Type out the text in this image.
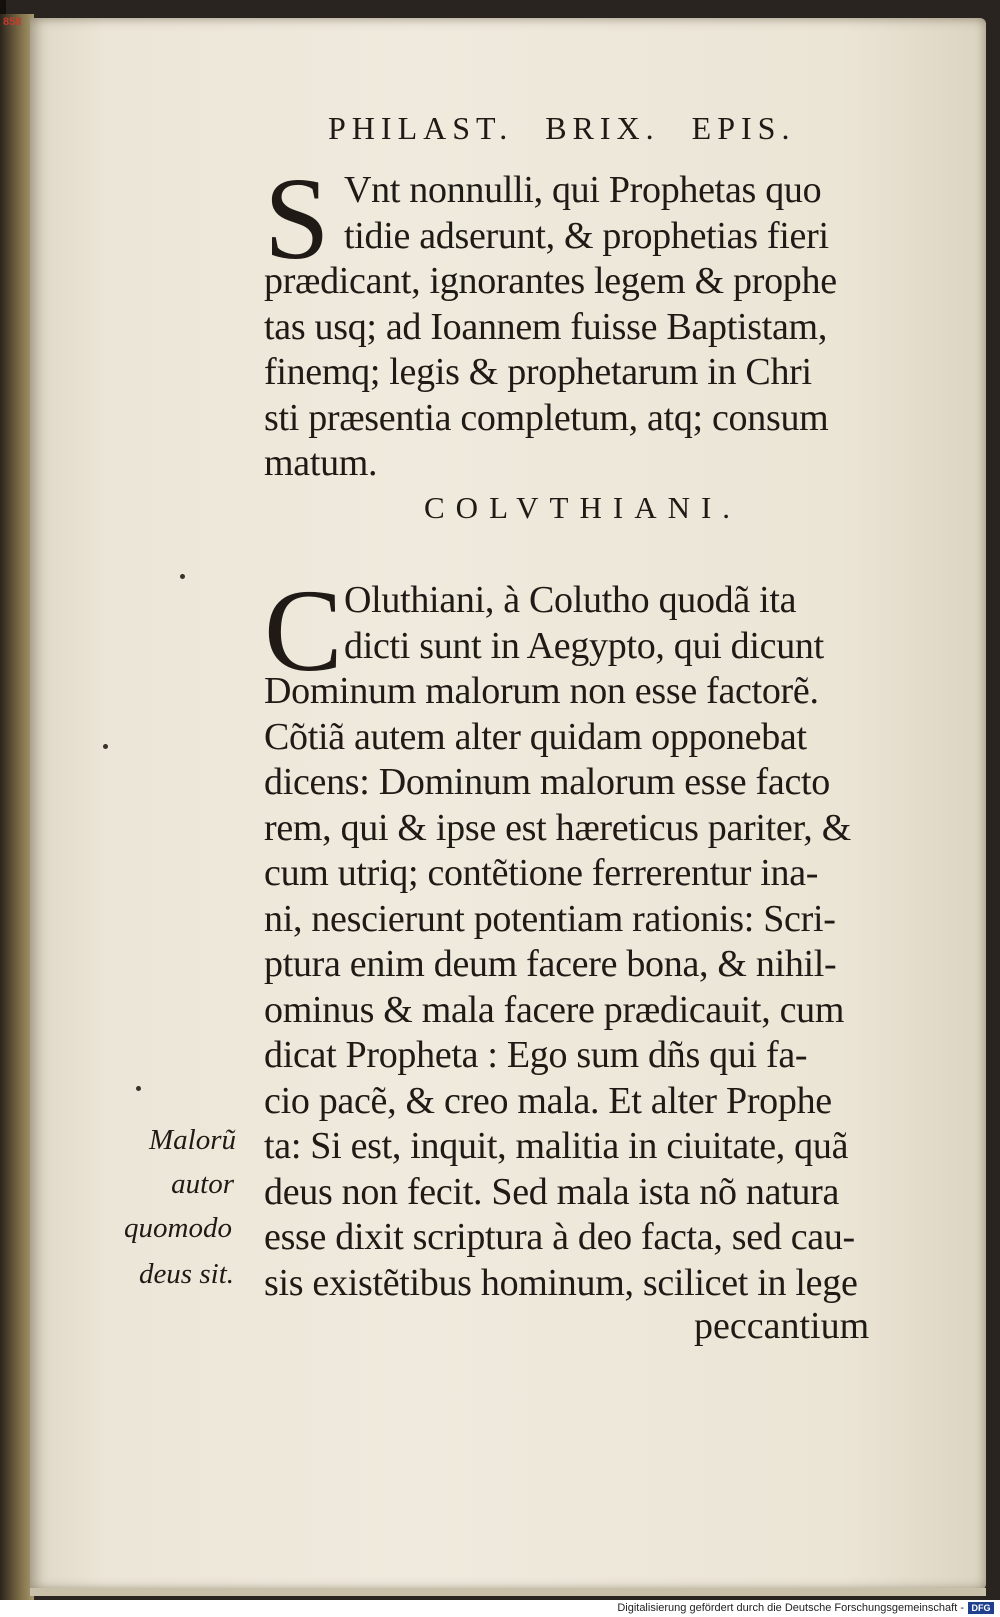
858
PHILAST. BRIX. EPIS.
S Vnt nonnulli, qui Prophetas quo
tidie adserunt, & prophetias fieri
prædicant, ignorantes legem & prophe
tas usq; ad Ioannem fuisse Baptistam,
finemq; legis & prophetarum in Chri
sti præsentia completum, atq; consum
matum.
COLVTHIANI.
C Oluthiani, à Colutho quodã ita
dicti sunt in Aegypto, qui dicunt
Dominum malorum non esse factorẽ.
Cõtiã autem alter quidam opponebat
dicens: Dominum malorum esse facto
rem, qui & ipse est hæreticus pariter, &
cum utriq; contẽtione ferrerentur ina-
ni, nescierunt potentiam rationis: Scri-
ptura enim deum facere bona, & nihil-
ominus & mala facere prædicauit, cum
dicat Propheta : Ego sum dñs qui fa-
cio pacẽ, & creo mala. Et alter Prophe
ta: Si est, inquit, malitia in ciuitate, quã
deus non fecit. Sed mala ista nõ natura
esse dixit scriptura à deo facta, sed cau-
sis existẽtibus hominum, scilicet in lege
peccantium
Malorũ
autor
quomodo
deus sit.
Digitalisierung gefördert durch die Deutsche Forschungsgemeinschaft - DFG
